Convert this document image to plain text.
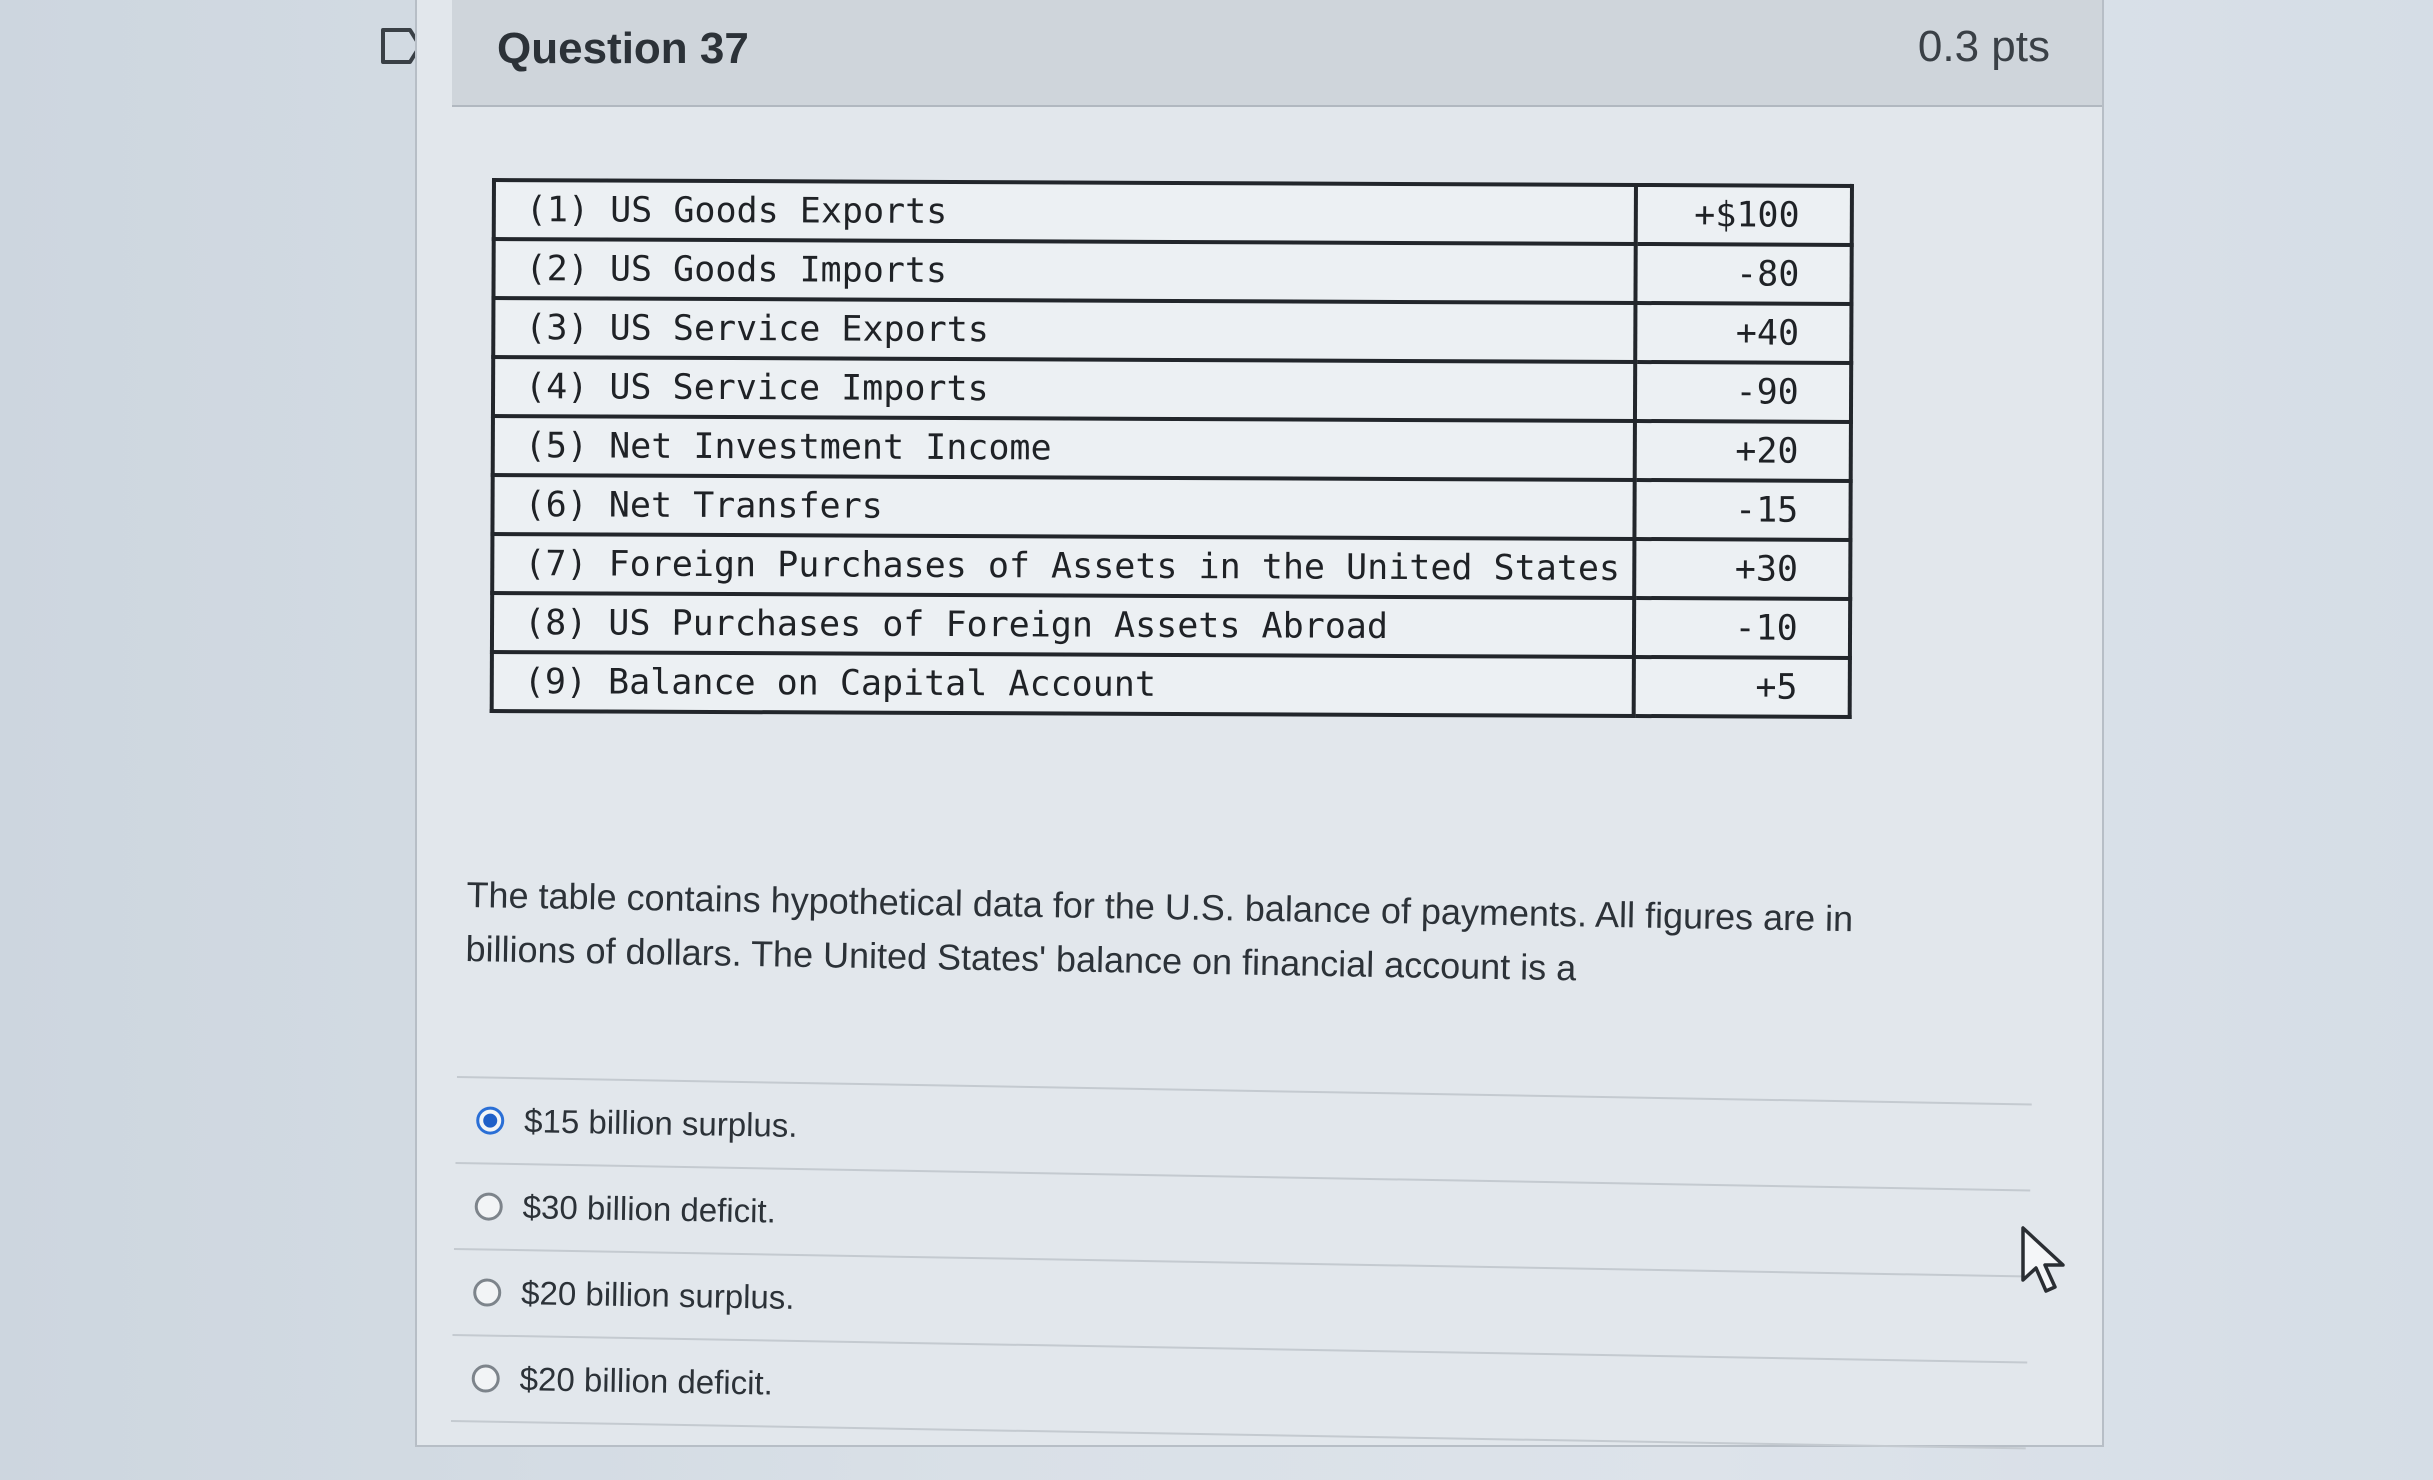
Question 37	0.3 pts
(1) US Goods Exports	+$100
(2) US Goods Imports	-80
(3) US Service Exports	+40
(4) US Service Imports	-90
(5) Net Investment Income	+20
(6) Net Transfers	-15
(7) Foreign Purchases of Assets in the United States	+30
(8) US Purchases of Foreign Assets Abroad	-10
(9) Balance on Capital Account	+5
The table contains hypothetical data for the U.S. balance of payments. All figures are in billions of dollars. The United States' balance on financial account is a
$15 billion surplus.
$30 billion deficit.
$20 billion surplus.
$20 billion deficit.
